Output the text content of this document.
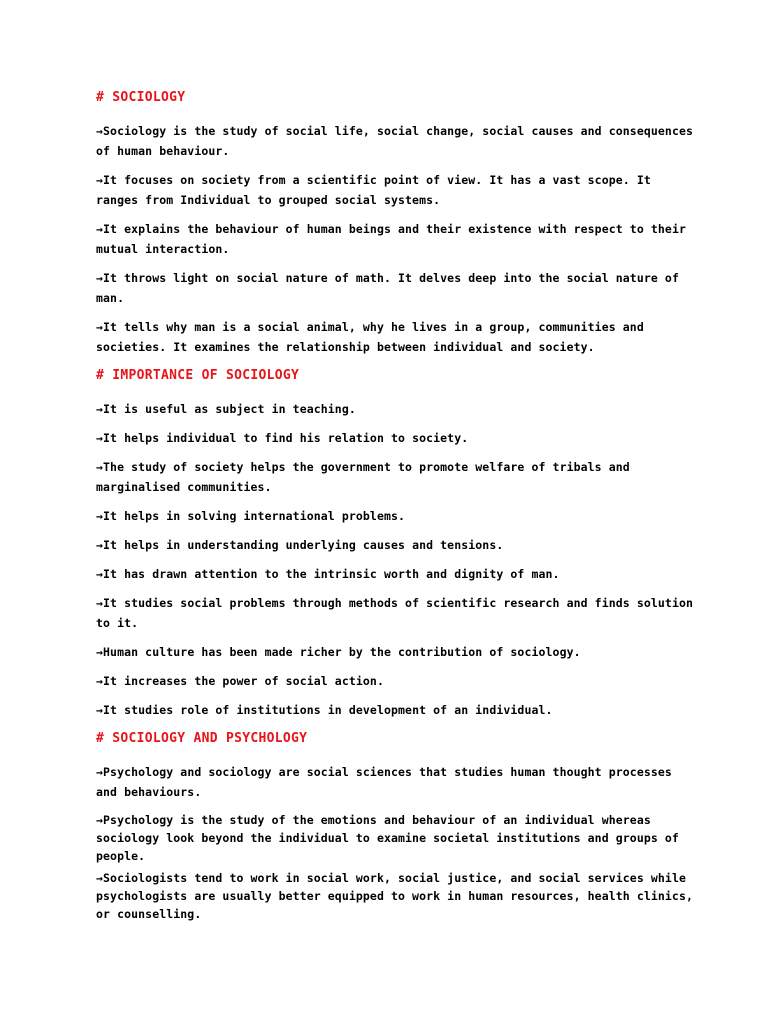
# SOCIOLOGY
→Sociology is the study of social life, social change, social causes and consequences of human behaviour.
→It focuses on society from a scientific point of view. It has a vast scope. It ranges from Individual to grouped social systems.
→It explains the behaviour of human beings and their existence with respect to their mutual interaction.
→It throws light on social nature of math. It delves deep into the social nature of man.
→It tells why man is a social animal, why he lives in a group, communities and societies. It examines the relationship between individual and society.
# IMPORTANCE OF SOCIOLOGY
→It is useful as subject in teaching.
→It helps individual to find his relation to society.
→The study of society helps the government to promote welfare of tribals and marginalised communities.
→It helps in solving international problems.
→It helps in understanding underlying causes and tensions.
→It has drawn attention to the intrinsic worth and dignity of man.
→It studies social problems through methods of scientific research and finds solution to it.
→Human culture has been made richer by the contribution of sociology.
→It increases the power of social action.
→It studies role of institutions in development of an individual.
# SOCIOLOGY AND PSYCHOLOGY
→Psychology and sociology are social sciences that studies human thought processes and behaviours.
→Psychology is the study of the emotions and behaviour of an individual whereas sociology look beyond the individual to examine societal institutions and groups of people.
→Sociologists tend to work in social work, social justice, and social services while psychologists are usually better equipped to work in human resources, health clinics, or counselling.
